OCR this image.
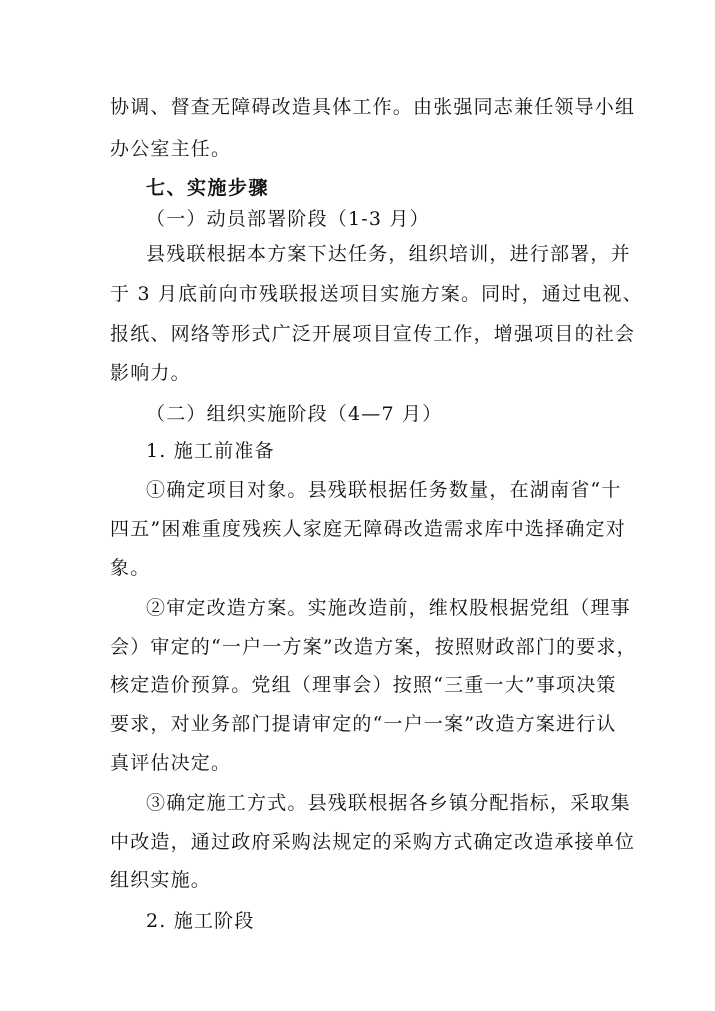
协调、督查无障碍改造具体工作。由张强同志兼任领导小组
办公室主任。
七、实施步骤
（一）动员部署阶段（1-3 月）
县残联根据本方案下达任务，组织培训，进行部署，并
于 3 月底前向市残联报送项目实施方案。同时，通过电视、
报纸、网络等形式广泛开展项目宣传工作，增强项目的社会
影响力。
（二）组织实施阶段（4—7 月）
1. 施工前准备
①确定项目对象。县残联根据任务数量，在湖南省“十
四五”困难重度残疾人家庭无障碍改造需求库中选择确定对
象。
②审定改造方案。实施改造前，维权股根据党组（理事
会）审定的“一户一方案”改造方案，按照财政部门的要求，
核定造价预算。党组（理事会）按照“三重一大”事项决策
要求，对业务部门提请审定的“一户一案”改造方案进行认
真评估决定。
③确定施工方式。县残联根据各乡镇分配指标，采取集
中改造，通过政府采购法规定的采购方式确定改造承接单位
组织实施。
2. 施工阶段
